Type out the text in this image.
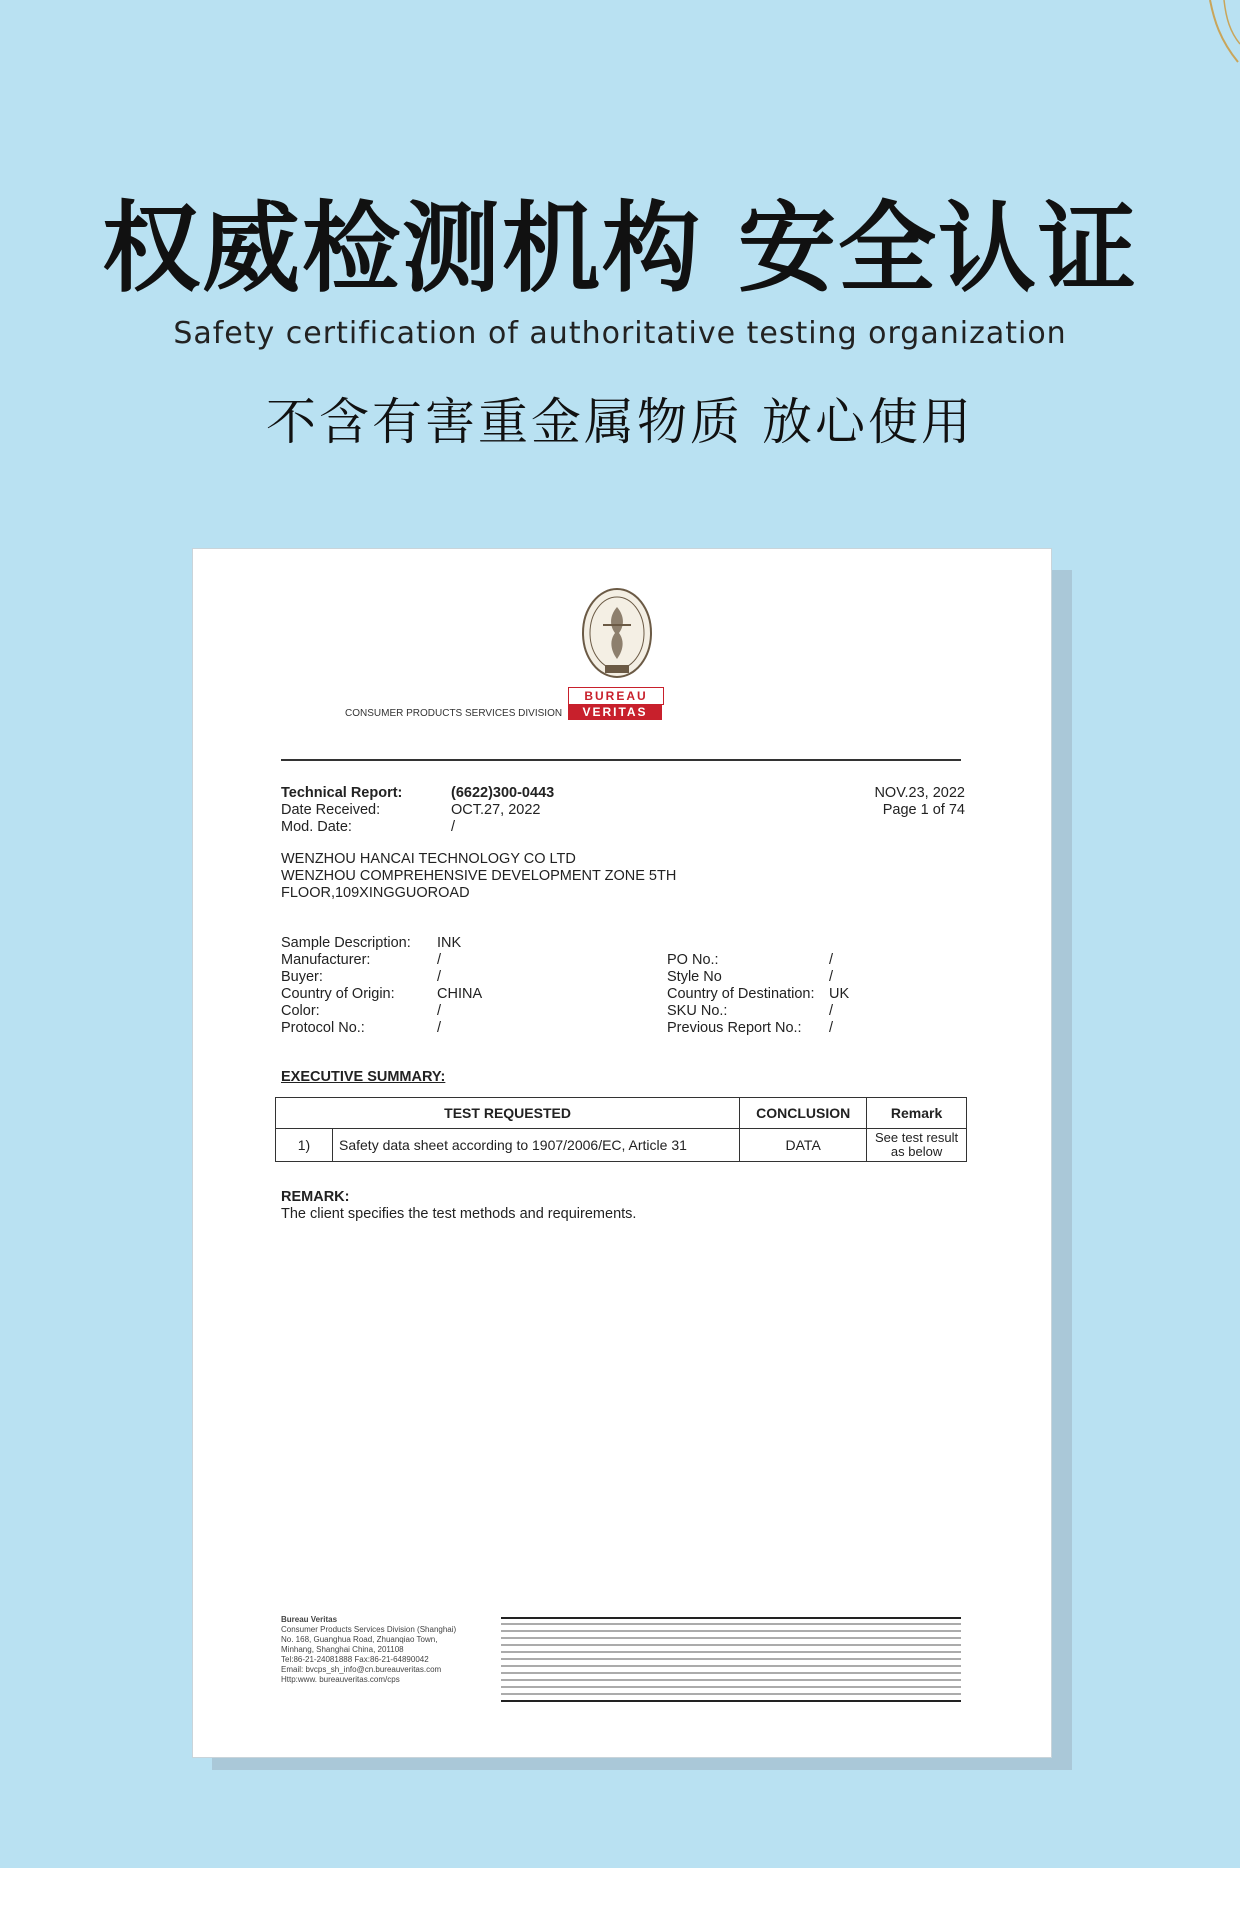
权威检测机构 安全认证
Safety certification of authoritative testing organization
不含有害重金属物质 放心使用
BUREAU
VERITAS
CONSUMER PRODUCTS SERVICES DIVISION
Technical Report:	(6622)300-0443
Date Received:	OCT.27, 2022
Mod. Date:	/
NOV.23, 2022
Page 1 of 74
WENZHOU HANCAI TECHNOLOGY CO LTD
WENZHOU COMPREHENSIVE DEVELOPMENT ZONE 5TH
FLOOR,109XINGGUOROAD
Sample Description: INK
Manufacturer:	/
Buyer:	/
Country of Origin:	CHINA
Color:	/
Protocol No.:	/
PO No.:	/
Style No	/
Country of Destination: UK
SKU No.:	/
Previous Report No.: /
EXECUTIVE SUMMARY:
TEST REQUESTED		CONCLUSION	Remark
1)	Safety data sheet according to 1907/2006/EC, Article 31	DATA	See test result
as below
REMARK:
The client specifies the test methods and requirements.
Bureau Veritas
Consumer Products Services Division (Shanghai)
No. 168, Guanghua Road, Zhuanqiao Town,
Minhang, Shanghai China, 201108
Tel:86-21-24081888 Fax:86-21-64890042
Email: bvcps_sh_info@cn.bureauveritas.com
Http:www. bureauveritas.com/cps
